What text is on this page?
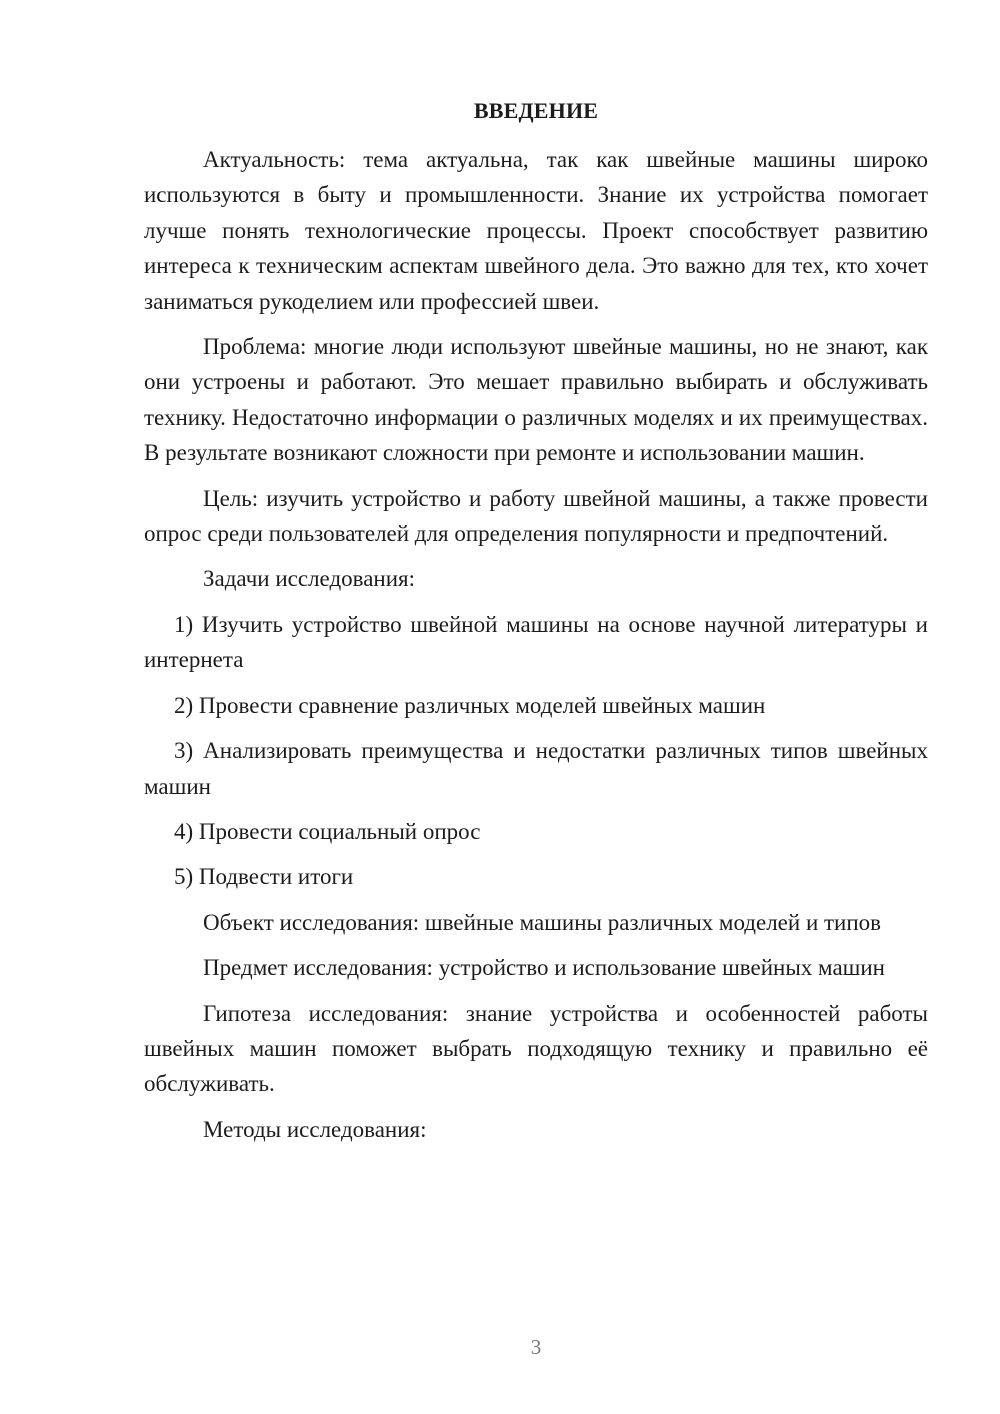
ВВЕДЕНИЕ

Актуальность: тема актуальна, так как швейные машины широко используются в быту и промышленности. Знание их устройства помогает лучше понять технологические процессы. Проект способствует развитию интереса к техническим аспектам швейного дела. Это важно для тех, кто хочет заниматься рукоделием или профессией швеи.

Проблема: многие люди используют швейные машины, но не знают, как они устроены и работают. Это мешает правильно выбирать и обслуживать технику. Недостаточно информации о различных моделях и их преимуществах. В результате возникают сложности при ремонте и использовании машин.

Цель: изучить устройство и работу швейной машины, а также провести опрос среди пользователей для определения популярности и предпочтений.

Задачи исследования:

1) Изучить устройство швейной машины на основе научной литературы и интернета

2) Провести сравнение различных моделей швейных машин

3) Анализировать преимущества и недостатки различных типов швейных машин

4) Провести социальный опрос

5) Подвести итоги

Объект исследования: швейные машины различных моделей и типов

Предмет исследования: устройство и использование швейных машин

Гипотеза исследования: знание устройства и особенностей работы швейных машин поможет выбрать подходящую технику и правильно её обслуживать.

Методы исследования:

3
